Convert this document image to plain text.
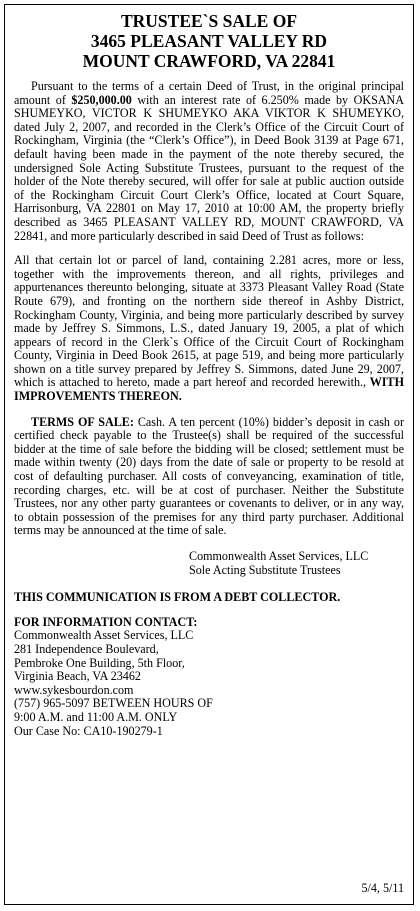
TRUSTEE`S SALE OF
3465 PLEASANT VALLEY RD
MOUNT CRAWFORD, VA 22841

Pursuant to the terms of a certain Deed of Trust, in the original principal amount of $250,000.00 with an interest rate of 6.250% made by OKSANA SHUMEYKO, VICTOR K SHUMEYKO AKA VIKTOR K SHUMEYKO, dated July 2, 2007, and recorded in the Clerk’s Office of the Circuit Court of Rockingham, Virginia (the “Clerk’s Office”), in Deed Book 3139 at Page 671, default having been made in the payment of the note thereby secured, the undersigned Sole Acting Substitute Trustees, pursuant to the request of the holder of the Note thereby secured, will offer for sale at public auction outside of the Rockingham Circuit Court Clerk’s Office, located at Court Square, Harrisonburg, VA 22801 on May 17, 2010 at 10:00 AM, the property briefly described as 3465 PLEASANT VALLEY RD, MOUNT CRAWFORD, VA 22841, and more particularly described in said Deed of Trust as follows:

All that certain lot or parcel of land, containing 2.281 acres, more or less, together with the improvements thereon, and all rights, privileges and appurtenances thereunto belonging, situate at 3373 Pleasant Valley Road (State Route 679), and fronting on the northern side thereof in Ashby District, Rockingham County, Virginia, and being more particularly described by survey made by Jeffrey S. Simmons, L.S., dated January 19, 2005, a plat of which appears of record in the Clerk`s Office of the Circuit Court of Rockingham County, Virginia in Deed Book 2615, at page 519, and being more particularly shown on a title survey prepared by Jeffrey S. Simmons, dated June 29, 2007, which is attached to hereto, made a part hereof and recorded herewith., WITH IMPROVEMENTS THEREON.

TERMS OF SALE: Cash. A ten percent (10%) bidder’s deposit in cash or certified check payable to the Trustee(s) shall be required of the successful bidder at the time of sale before the bidding will be closed; settlement must be made within twenty (20) days from the date of sale or property to be resold at cost of defaulting purchaser. All costs of conveyancing, examination of title, recording charges, etc. will be at cost of purchaser. Neither the Substitute Trustees, nor any other party guarantees or covenants to deliver, or in any way, to obtain possession of the premises for any third party purchaser. Additional terms may be announced at the time of sale.

Commonwealth Asset Services, LLC
Sole Acting Substitute Trustees
THIS COMMUNICATION IS FROM A DEBT COLLECTOR.
FOR INFORMATION CONTACT:
Commonwealth Asset Services, LLC
281 Independence Boulevard,
Pembroke One Building, 5th Floor,
Virginia Beach, VA 23462
www.sykesbourdon.com
(757) 965-5097 BETWEEN HOURS OF
9:00 A.M. and 11:00 A.M. ONLY
Our Case No: CA10-190279-1
5/4, 5/11
